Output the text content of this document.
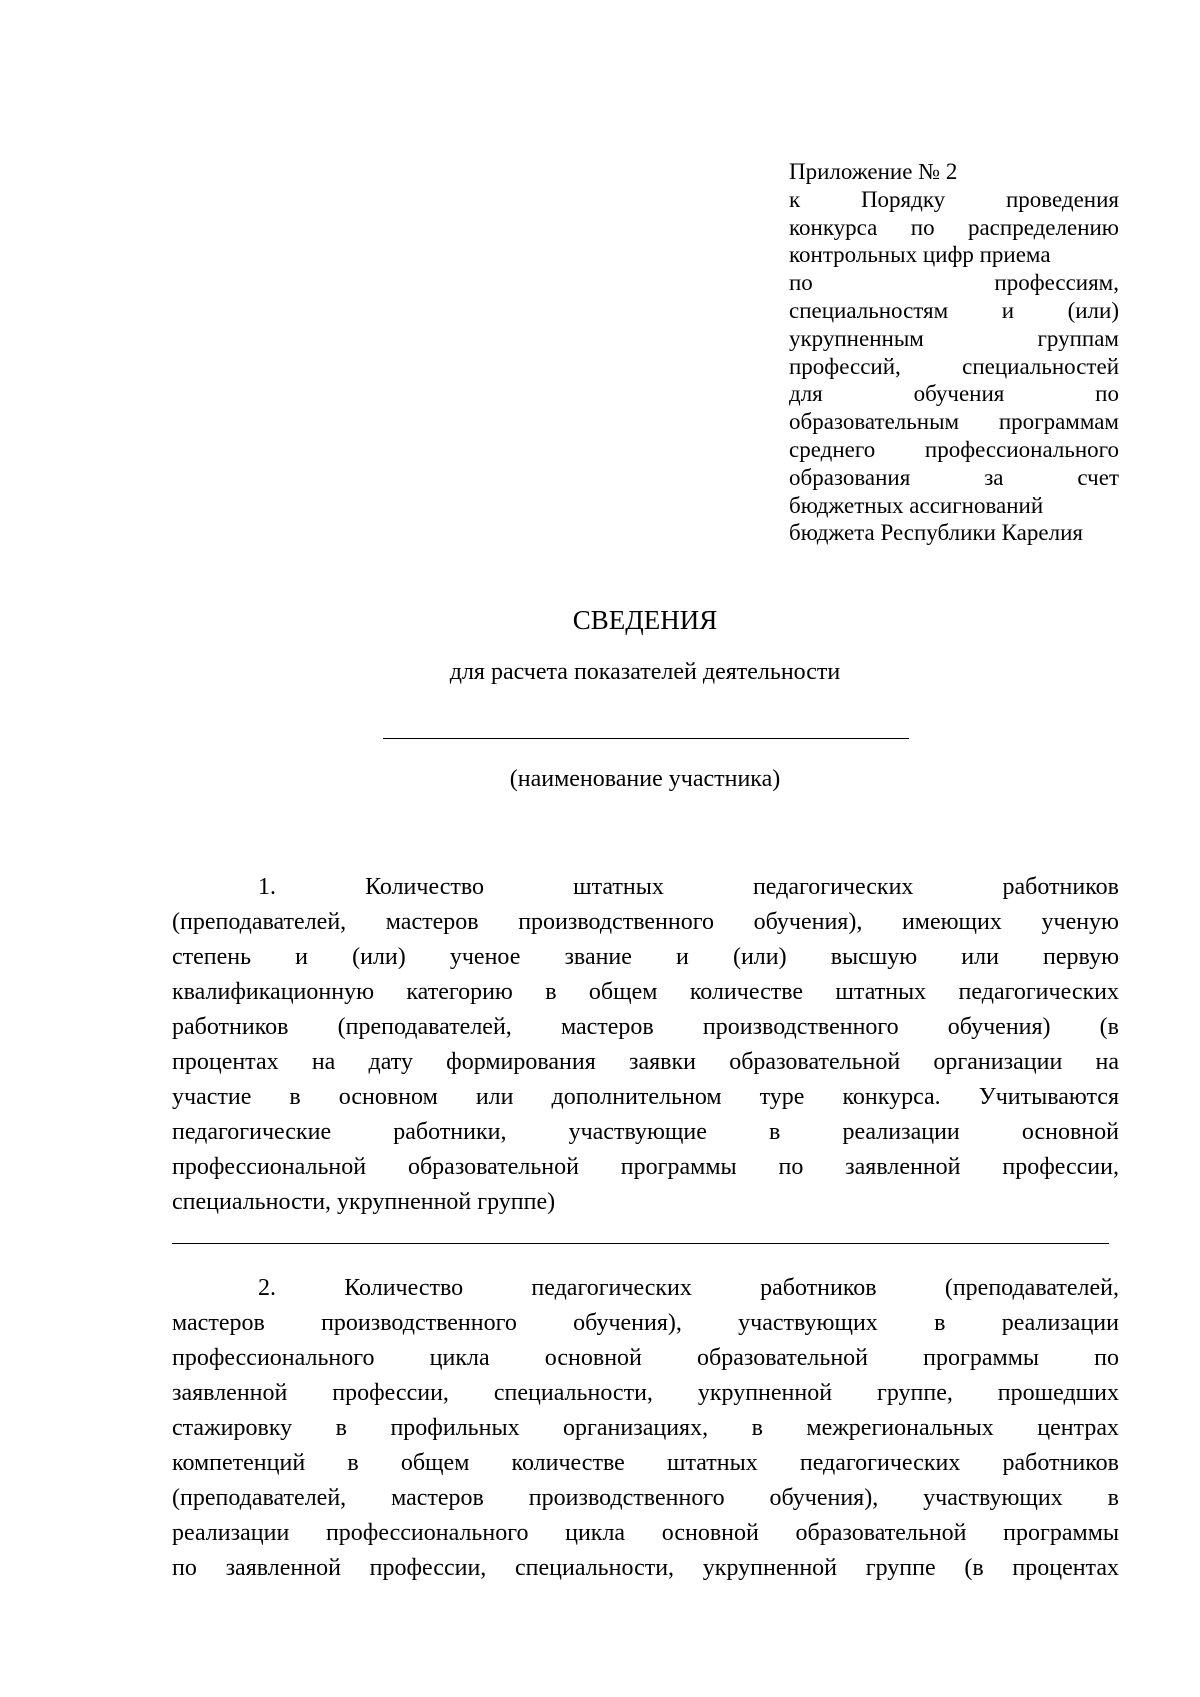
Приложение № 2
к Порядку проведения
конкурса по распределению
контрольных цифр приема
по профессиям,
специальностям и (или)
укрупненным группам
профессий, специальностей
для обучения по
образовательным программам
среднего профессионального
образования за счет
бюджетных ассигнований
бюджета Республики Карелия
СВЕДЕНИЯ
для расчета показателей деятельности
(наименование участника)
1. Количество штатных педагогических работников
(преподавателей, мастеров производственного обучения), имеющих ученую
степень и (или) ученое звание и (или) высшую или первую
квалификационную категорию в общем количестве штатных педагогических
работников (преподавателей, мастеров производственного обучения) (в
процентах на дату формирования заявки образовательной организации на
участие в основном или дополнительном туре конкурса. Учитываются
педагогические работники, участвующие в реализации основной
профессиональной образовательной программы по заявленной профессии,
специальности, укрупненной группе)
2. Количество педагогических работников (преподавателей,
мастеров производственного обучения), участвующих в реализации
профессионального цикла основной образовательной программы по
заявленной профессии, специальности, укрупненной группе, прошедших
стажировку в профильных организациях, в межрегиональных центрах
компетенций в общем количестве штатных педагогических работников
(преподавателей, мастеров производственного обучения), участвующих в
реализации профессионального цикла основной образовательной программы
по заявленной профессии, специальности, укрупненной группе (в процентах
